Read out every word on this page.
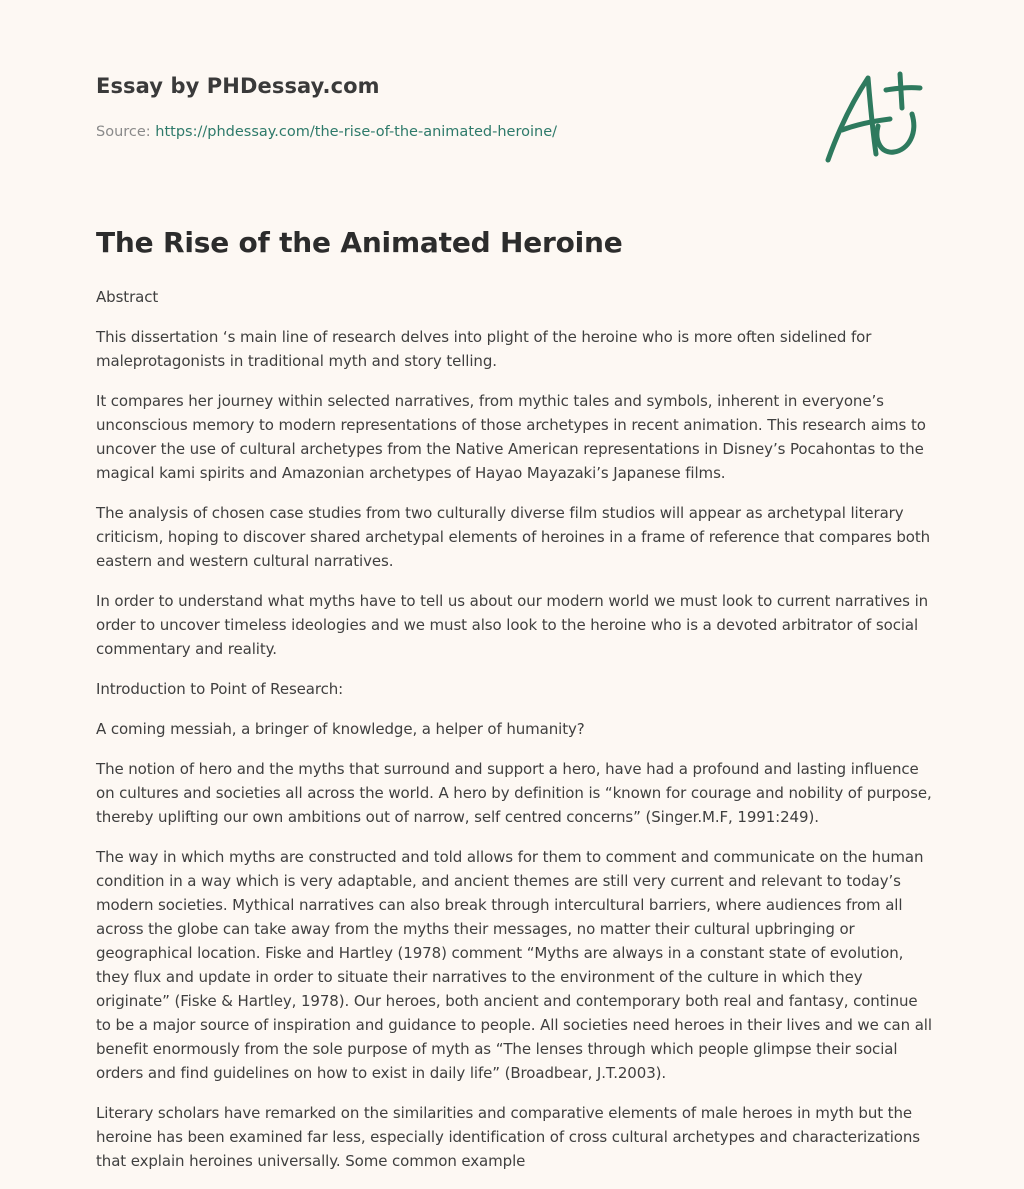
Essay by PHDessay.com
Source: https://phdessay.com/the-rise-of-the-animated-heroine/
The Rise of the Animated Heroine

Abstract

This dissertation ‘s main line of research delves into plight of the heroine who is more often sidelined for maleprotagonists in traditional myth and story telling.

It compares her journey within selected narratives, from mythic tales and symbols, inherent in everyone’s unconscious memory to modern representations of those archetypes in recent animation. This research aims to uncover the use of cultural archetypes from the Native American representations in Disney’s Pocahontas to the magical kami spirits and Amazonian archetypes of Hayao Mayazaki’s Japanese films.

The analysis of chosen case studies from two culturally diverse film studios will appear as archetypal literary criticism, hoping to discover shared archetypal elements of heroines in a frame of reference that compares both eastern and western cultural narratives.

In order to understand what myths have to tell us about our modern world we must look to current narratives in order to uncover timeless ideologies and we must also look to the heroine who is a devoted arbitrator of social commentary and reality.

Introduction to Point of Research:

A coming messiah, a bringer of knowledge, a helper of humanity?

The notion of hero and the myths that surround and support a hero, have had a profound and lasting influence on cultures and societies all across the world. A hero by definition is “known for courage and nobility of purpose, thereby uplifting our own ambitions out of narrow, self centred concerns” (Singer.M.F, 1991:249).

The way in which myths are constructed and told allows for them to comment and communicate on the human condition in a way which is very adaptable, and ancient themes are still very current and relevant to today’s modern societies. Mythical narratives can also break through intercultural barriers, where audiences from all across the globe can take away from the myths their messages, no matter their cultural upbringing or geographical location. Fiske and Hartley (1978) comment “Myths are always in a constant state of evolution, they flux and update in order to situate their narratives to the environment of the culture in which they originate” (Fiske & Hartley, 1978). Our heroes, both ancient and contemporary both real and fantasy, continue to be a major source of inspiration and guidance to people. All societies need heroes in their lives and we can all benefit enormously from the sole purpose of myth as “The lenses through which people glimpse their social orders and find guidelines on how to exist in daily life” (Broadbear, J.T.2003).

Literary scholars have remarked on the similarities and comparative elements of male heroes in myth but the heroine has been examined far less, especially identification of cross cultural archetypes and characterizations that explain heroines universally. Some common example
